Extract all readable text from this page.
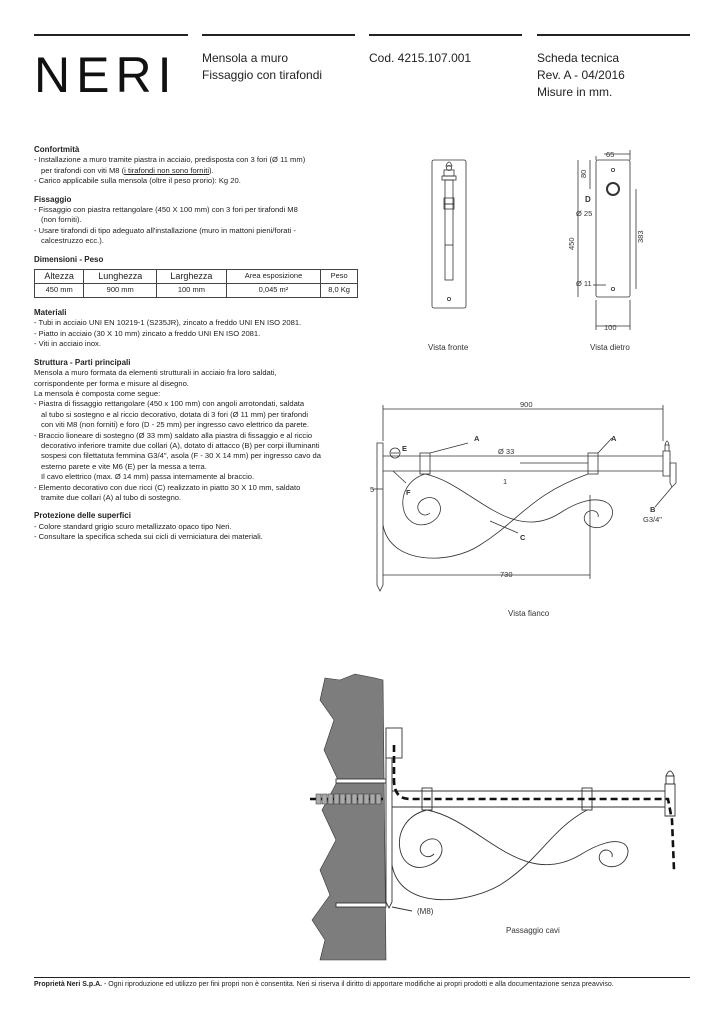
NERI Mensola a muro
Fissaggio con tirafondi
Cod. 4215.107.001	Scheda tecnica
Rev. A - 04/2016
Misure in mm.
Confortmità
- Installazione a muro tramite piastra in acciaio, predisposta con 3 fori (Ø 11 mm)
per tirafondi con viti M8 (i tirafondi non sono forniti).
- Carico applicabile sulla mensola (oltre il peso prorio): Kg 20.
Fissaggio
- Fissaggio con piastra rettangolare (450 X 100 mm) con 3 fori per tirafondi M8
(non forniti).
- Usare tirafondi di tipo adeguato all'installazione (muro in mattoni pieni/forati -
calcestruzzo ecc.).
Dimensioni - Peso
Altezza	Lunghezza	Larghezza	Area esposizione	Peso
450 mm	900 mm	100 mm	0,045 m²	8,0 Kg
Materiali
- Tubi in acciaio UNI EN 10219-1 (S235JR), zincato a freddo UNI EN ISO 2081.
- Piatto in acciaio (30 X 10 mm) zincato a freddo UNI EN ISO 2081.
- Viti in acciaio inox.
Struttura - Parti principali
Mensola a muro formata da elementi strutturali in acciaio fra loro saldati,
corrispondente per forma e misure al disegno.
La mensola è composta come segue:
- Piastra di fissaggio rettangolare (450 x 100 mm) con angoli arrotondati, saldata
al tubo si sostegno e al riccio decorativo, dotata di 3 fori (Ø 11 mm) per tirafondi
con viti M8 (non forniti) e foro (D - 25 mm) per ingresso cavo elettrico da parete.
- Braccio lioneare di sostegno (Ø 33 mm) saldato alla piastra di fissaggio e al riccio
decorativo inferiore tramite due collari (A), dotato di attacco (B) per corpi illuminanti
sospesi con filettatuta femmina G3/4", asola (F - 30 X 14 mm) per ingresso cavo da
esterno parete e vite M6 (E) per la messa a terra.
Il cavo elettrico (max. Ø 14 mm) passa internamente al braccio.
- Elemento decorativo con due ricci (C) realizzato in piatto 30 X 10 mm, saldato
tramite due collari (A) al tubo di sostegno.
Protezione delle superfici
- Colore standard grigio scuro metallizzato opaco tipo Neri.
- Consultare la specifica scheda sui cicli di verniciatura dei materiali.
65
80
D
Ø 25
450
383
Ø 11
100
Vista fronte	Vista dietro
900
Ø 33
1
5
730
A	A
E
F
B
G3/4"
C
Vista fianco
(M8)
Passaggio cavi
Proprietà Neri S.p.A. - Ogni riproduzione ed utilizzo per fini propri non è consentita. Neri si riserva il diritto di apportare modifiche ai propri prodotti e alla documentazione senza preavviso.
